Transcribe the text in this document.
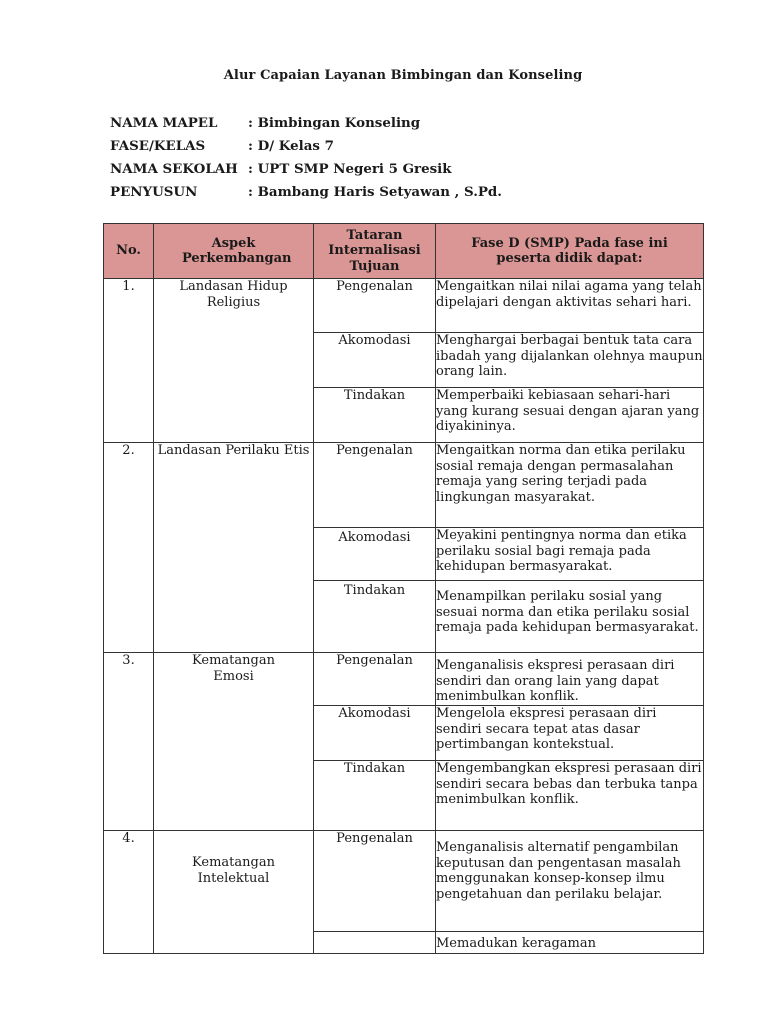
Alur Capaian Layanan Bimbingan dan Konseling
NAMA MAPEL	: Bimbingan Konseling
FASE/KELAS	: D/ Kelas 7
NAMA SEKOLAH : UPT SMP Negeri 5 Gresik
PENYUSUN	: Bambang Haris Setyawan , S.Pd.
No.	Aspek Perkembangan	Tataran Internalisasi Tujuan	Fase D (SMP) Pada fase ini peserta didik dapat:

1.	Landasan Hidup Religius	Pengenalan	Mengaitkan nilai nilai agama yang telah dipelajari dengan aktivitas sehari hari.
		Akomodasi	Menghargai berbagai bentuk tata cara ibadah yang dijalankan olehnya maupun orang lain.
		Tindakan	Memperbaiki kebiasaan sehari-hari yang kurang sesuai dengan ajaran yang diyakininya.
2.	Landasan Perilaku Etis	Pengenalan	Mengaitkan norma dan etika perilaku sosial remaja dengan permasalahan remaja yang sering terjadi pada lingkungan masyarakat.
		Akomodasi	Meyakini pentingnya norma dan etika perilaku sosial bagi remaja pada kehidupan bermasyarakat.
		Tindakan	Menampilkan perilaku sosial yang sesuai norma dan etika perilaku sosial remaja pada kehidupan bermasyarakat.
3.	Kematangan Emosi	Pengenalan	Menganalisis ekspresi perasaan diri sendiri dan orang lain yang dapat menimbulkan konflik.
		Akomodasi	Mengelola ekspresi perasaan diri sendiri secara tepat atas dasar pertimbangan kontekstual.
		Tindakan	Mengembangkan ekspresi perasaan diri sendiri secara bebas dan terbuka tanpa menimbulkan konflik.
4.	Kematangan Intelektual	Pengenalan	Menganalisis alternatif pengambilan keputusan dan pengentasan masalah menggunakan konsep-konsep ilmu pengetahuan dan perilaku belajar.
			Memadukan keragaman
